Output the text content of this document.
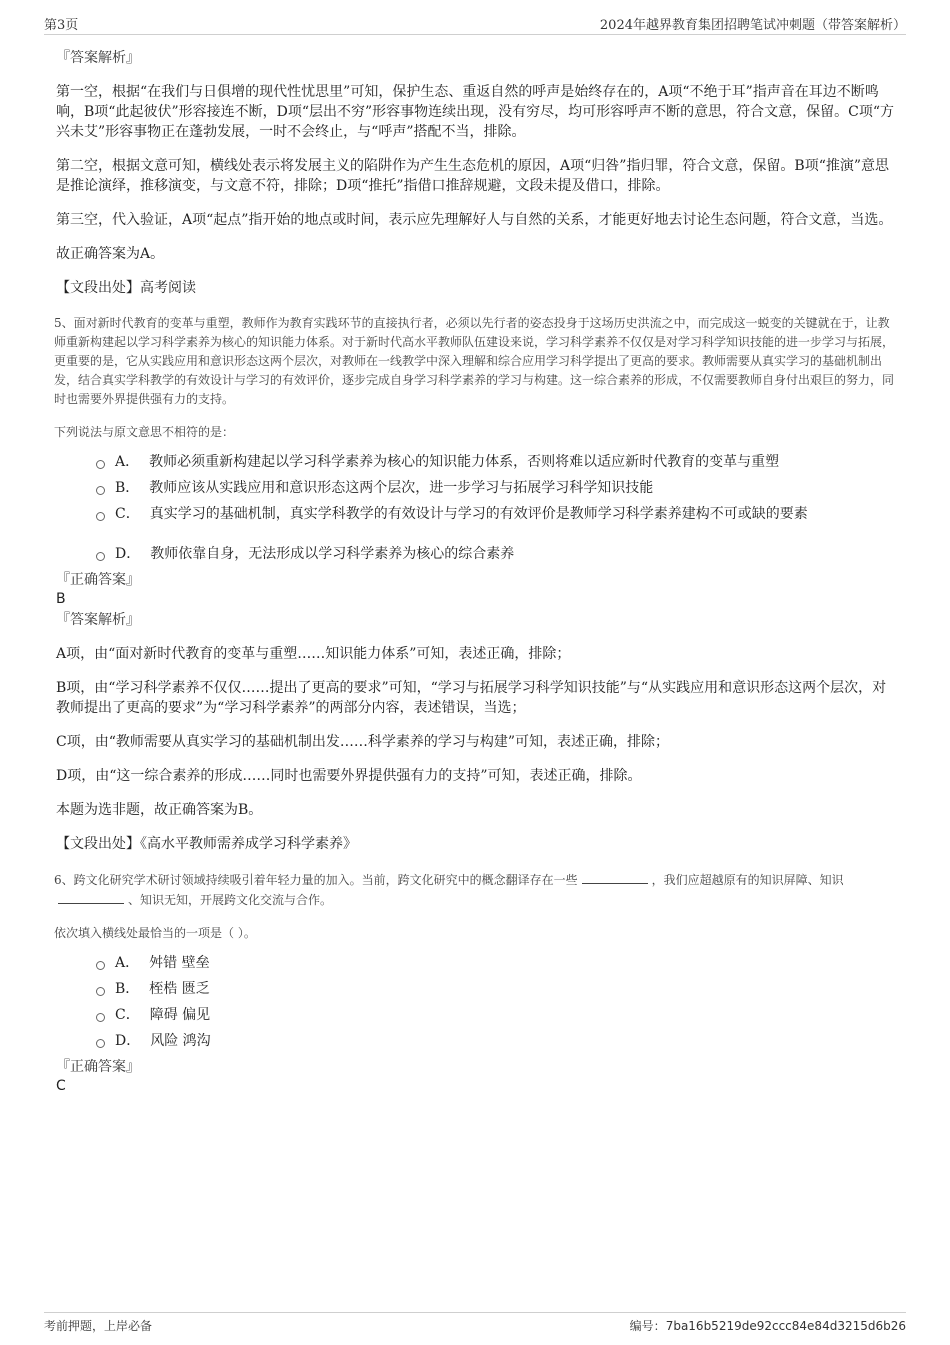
第3页	2024年越界教育集团招聘笔试冲刺题（带答案解析）
『答案解析』

第一空，根据“在我们与日俱增的现代性忧思里”可知，保护生态、重返自然的呼声是始终存在的，A项“不绝于耳”指声音在耳边不断鸣响，B项“此起彼伏”形容接连不断，D项“层出不穷”形容事物连续出现，没有穷尽，均可形容呼声不断的意思，符合文意，保留。C项“方兴未艾”形容事物正在蓬勃发展，一时不会终止，与“呼声”搭配不当，排除。

第二空，根据文意可知，横线处表示将发展主义的陷阱作为产生生态危机的原因，A项“归咎”指归罪，符合文意，保留。B项“推演”意思是推论演绎，推移演变，与文意不符，排除；D项“推托”指借口推辞规避，文段未提及借口，排除。

第三空，代入验证，A项“起点”指开始的地点或时间，表示应先理解好人与自然的关系，才能更好地去讨论生态问题，符合文意，当选。

故正确答案为A。

【文段出处】高考阅读
5、面对新时代教育的变革与重塑，教师作为教育实践环节的直接执行者，必须以先行者的姿态投身于这场历史洪流之中，而完成这一蜕变的关键就在于，让教师重新构建起以学习科学素养为核心的知识能力体系。对于新时代高水平教师队伍建设来说，学习科学素养不仅仅是对学习科学知识技能的进一步学习与拓展，更重要的是，它从实践应用和意识形态这两个层次，对教师在一线教学中深入理解和综合应用学习科学提出了更高的要求。教师需要从真实学习的基础机制出发，结合真实学科教学的有效设计与学习的有效评价，逐步完成自身学习科学素养的学习与构建。这一综合素养的形成，不仅需要教师自身付出艰巨的努力，同时也需要外界提供强有力的支持。
下列说法与原文意思不相符的是：
A． 教师必须重新构建起以学习科学素养为核心的知识能力体系，否则将难以适应新时代教育的变革与重塑
B． 教师应该从实践应用和意识形态这两个层次，进一步学习与拓展学习科学知识技能
C． 真实学习的基础机制，真实学科教学的有效设计与学习的有效评价是教师学习科学素养建构不可或缺的要素
D． 教师依靠自身，无法形成以学习科学素养为核心的综合素养
『正确答案』
B
『答案解析』

A项，由“面对新时代教育的变革与重塑……知识能力体系”可知，表述正确，排除；

B项，由“学习科学素养不仅仅……提出了更高的要求”可知，“学习与拓展学习科学知识技能”与“从实践应用和意识形态这两个层次，对教师提出了更高的要求”为“学习科学素养”的两部分内容，表述错误，当选；

C项，由“教师需要从真实学习的基础机制出发……科学素养的学习与构建”可知，表述正确，排除；

D项，由“这一综合素养的形成……同时也需要外界提供强有力的支持”可知，表述正确，排除。

本题为选非题，故正确答案为B。

【文段出处】《高水平教师需养成学习科学素养》
6、跨文化研究学术研讨领域持续吸引着年轻力量的加入。当前，跨文化研究中的概念翻译存在一些	，我们应超越原有的知识屏障、知识、知识无知，开展跨文化交流与合作。
依次填入横线处最恰当的一项是（ ）。
A． 舛错 壁垒
B． 桎梏 匮乏
C． 障碍 偏见
D． 风险 鸿沟
『正确答案』
C
考前押题，上岸必备	编号：7ba16b5219de92ccc84e84d3215d6b26
